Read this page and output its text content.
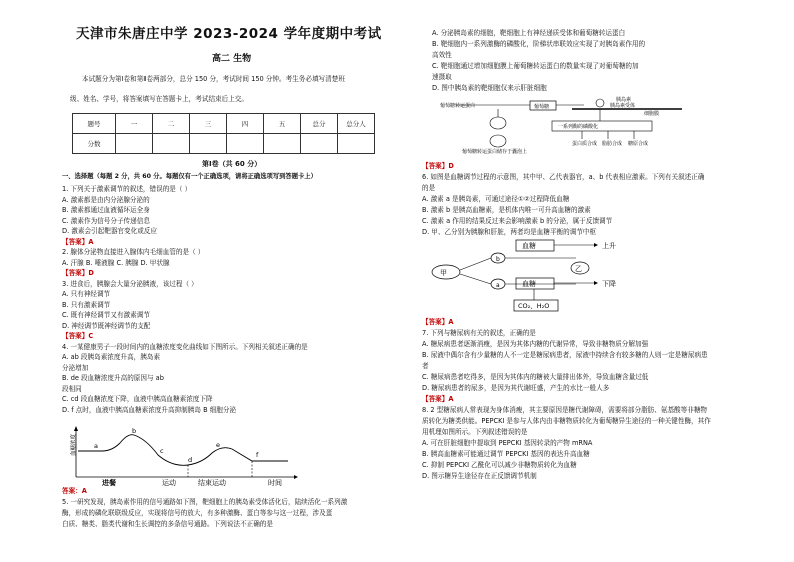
天津市朱唐庄中学 2023-2024 学年度期中考试
高二 生物
本试题分为第Ⅰ卷和第Ⅱ卷两部分，总分 150 分，考试时间 150 分钟。考生务必填写清楚班
级、姓名、学号，将答案填写在答题卡上，考试结束后上交。
题号	一	二	三	四	五	总分	总分人
分数							
第Ⅰ卷（共 60 分）
一、选择题（每题 2 分，共 60 分。每题仅有一个正确选项，请将正确选项写到答题卡上）
1. 下列关于激素调节的叙述，错误的是（ ）
A. 激素都是由内分泌腺分泌的
B. 激素都通过血液循环运全身
C. 激素作为信号分子传递信息
D. 激素会引起靶器官变化或反应
【答案】A
2. 腺体分泌物直接进入腺体内毛细血管的是（ ）
A. 汗腺 B. 唾液腺 C. 胰腺 D. 甲状腺
【答案】D
3. 进食后，胰腺会大量分泌胰液，该过程（ ）
A. 只有神经调节
B. 只有激素调节
C. 既有神经调节又有激素调节
D. 神经调节既神经调节的支配
【答案】C
4. 一某健康男子一段时间内的血糖浓度变化曲线如下图所示。下列相关叙述正确的是
A. ab 段胰岛素浓度升高，胰岛素
分泌增加
B. de 段血糖浓度升高的原因与 ab
段相同
C. cd 段血糖浓度下降，血液中胰高血糖素浓度下降
D. f 点时，血液中胰高血糖素浓度升高抑制胰岛 B 细胞分泌
血糖浓度	a
b
c
d
e
f
进餐	运动	结束运动	时间
答案：A
5. 一研究发现，胰岛素作用的信号通路如下图，靶细胞上的胰岛素受体活化后，陆续活化一系列激
酶，形成的磷化联联级反应，实现将信号的放大，有多种激酶、蛋白等参与这一过程，涉及蛋
白质、糖类、脂类代谢和生长调控的多条信号通路。下列说法不正确的是
A. 分泌胰岛素的细胞，靶细胞上有神经递质受体和葡萄糖转运蛋白
B. 靶细胞内一系列激酶的磷酸化，阶梯状串联效应实现了对胰岛素作用的
高效性
C. 靶细胞通过增加细胞膜上葡萄糖转运蛋白的数量实现了对葡萄糖的加
速摄取
D. 图中胰岛素的靶细胞仅来示肝脏细胞
葡萄糖
葡萄糖转运蛋白
胰岛素
胰岛素受体
细胞膜
一系列酶的磷酸化
葡萄糖转运蛋白储存于囊泡上
蛋白质合成 脂肪合成 糖原合成
【答案】D
6. 如图是血糖调节过程的示意图，其中甲、乙代表器官，a、b 代表相应激素。下列有关叙述正确
的是
A. 激素 a 是胰岛素，可通过途径①②过程降低血糖
B. 激素 b 是胰高血糖素，是机体内唯一可升高血糖的激素
C. 激素 a 作用的结果反过来会影响激素 b 的分泌，属于反馈调节
D. 甲、乙分别为胰腺和肝脏，两者均是血糖平衡的调节中枢
甲
b
a
血糖	上升
乙
血糖	下降
CO₂、H₂O
【答案】A
7. 下列与糖尿病有关的叙述，正确的是
A. 糖尿病患者逐渐消瘦，是因为其体内糖的代谢异常，导致非糖物质分解加强
B. 尿液中偶尔含有少量糖的人不一定是糖尿病患者，尿液中持续含有较多糖的人则一定是糖尿病患
者
C. 糖尿病患者吃得多，是因为其体内的糖被大量排出体外，导致血糖含量过低
D. 糖尿病患者的尿多，是因为其代谢旺盛，产生的水比一般人多
【答案】A
8. 2 型糖尿病人常表现为身体消瘦，其主要原因是糖代谢障碍，需要将部分脂肪、氨基酸等非糖物
质转化为糖类供能。PEPCKI 是参与人体内由非糖物质转化为葡萄糖异生途径的一种关键性酶，其作
用机理如图所示。下列叙述错误的是
A. 可在肝脏细胞中提取到 PEPCKI 基因转录的产物 mRNA
B. 胰高血糖素可能通过调节 PEPCKI 基因的表达升高血糖
C. 抑制 PEPCKI 乙酰化可以减少非糖物质转化为血糖
D. 图示糖异生途径存在正反馈调节机制
